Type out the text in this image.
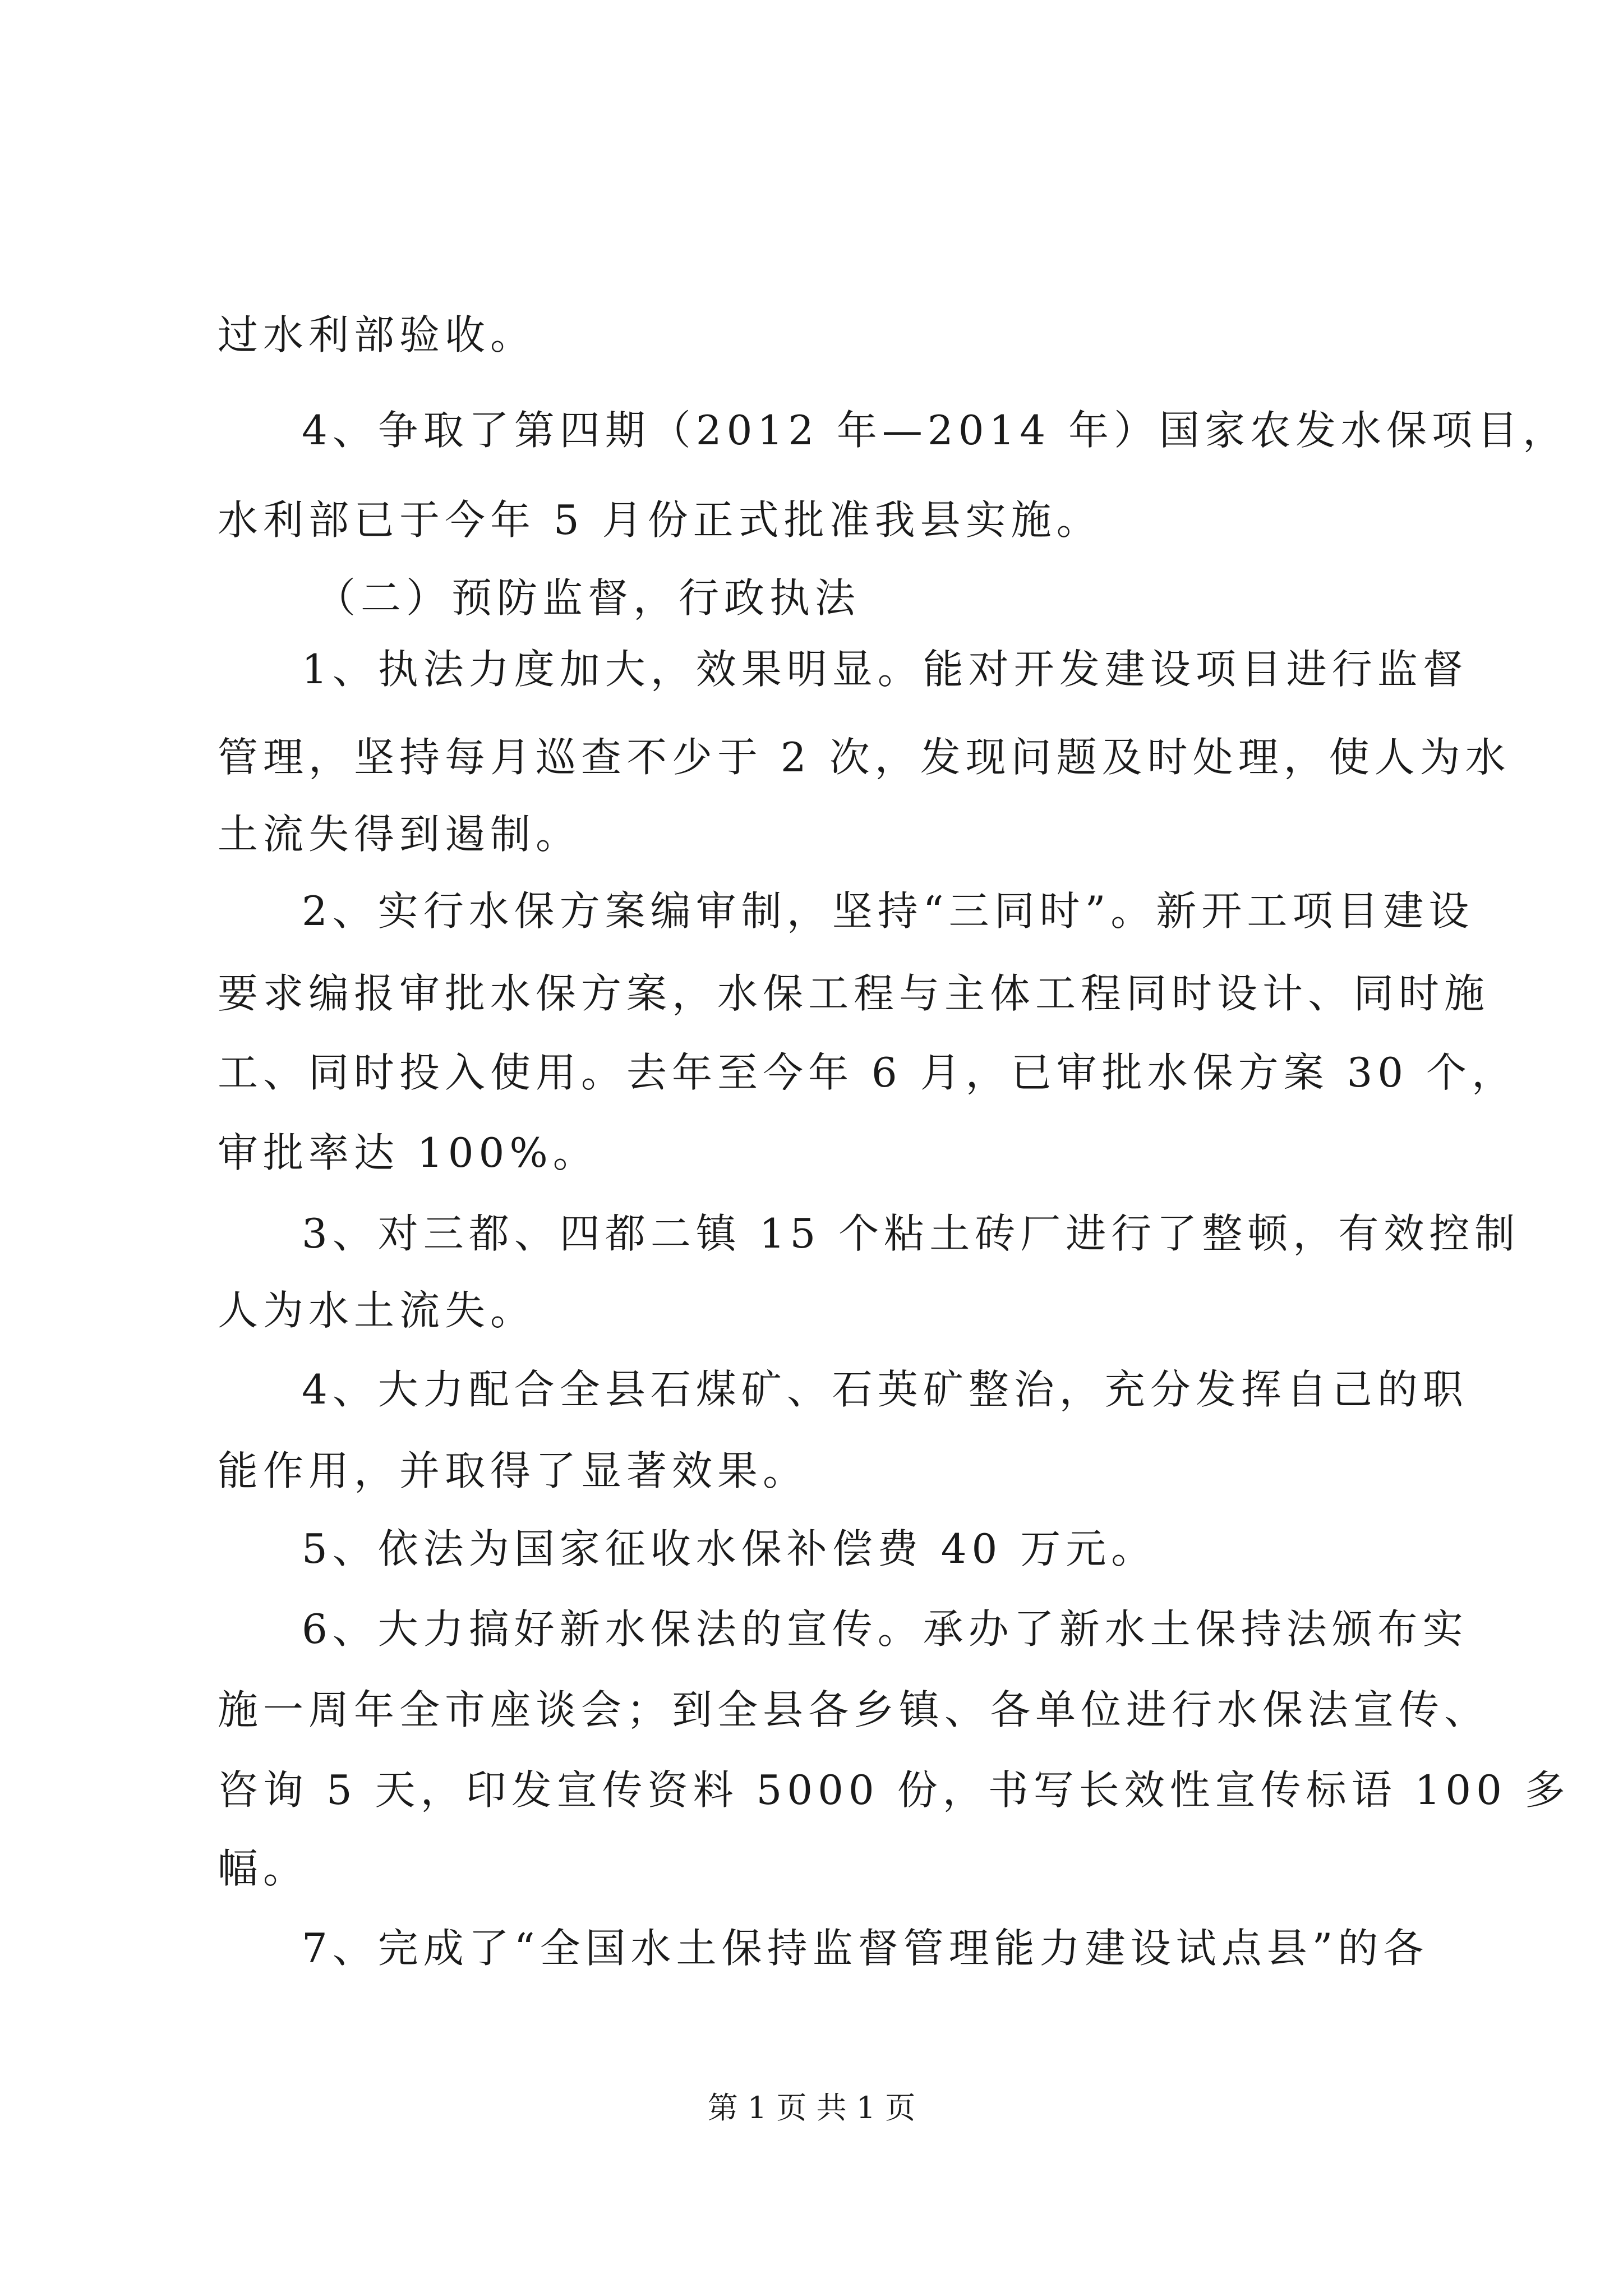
过水利部验收。
4、争取了第四期（2012 年—2014 年）国家农发水保项目，
水利部已于今年 5 月份正式批准我县实施。
（二）预防监督，行政执法
1、执法力度加大，效果明显。能对开发建设项目进行监督
管理，坚持每月巡查不少于 2 次，发现问题及时处理，使人为水
土流失得到遏制。
2、实行水保方案编审制，坚持“三同时”。新开工项目建设
要求编报审批水保方案，水保工程与主体工程同时设计、同时施
工、同时投入使用。去年至今年 6 月，已审批水保方案 30 个，
审批率达 100%。
3、对三都、四都二镇 15 个粘土砖厂进行了整顿，有效控制
人为水土流失。
4、大力配合全县石煤矿、石英矿整治，充分发挥自己的职
能作用，并取得了显著效果。
5、依法为国家征收水保补偿费 40 万元。
6、大力搞好新水保法的宣传。承办了新水土保持法颁布实
施一周年全市座谈会；到全县各乡镇、各单位进行水保法宣传、
咨询 5 天，印发宣传资料 5000 份，书写长效性宣传标语 100 多
幅。
7、完成了“全国水土保持监督管理能力建设试点县”的各
第 1 页 共 1 页
